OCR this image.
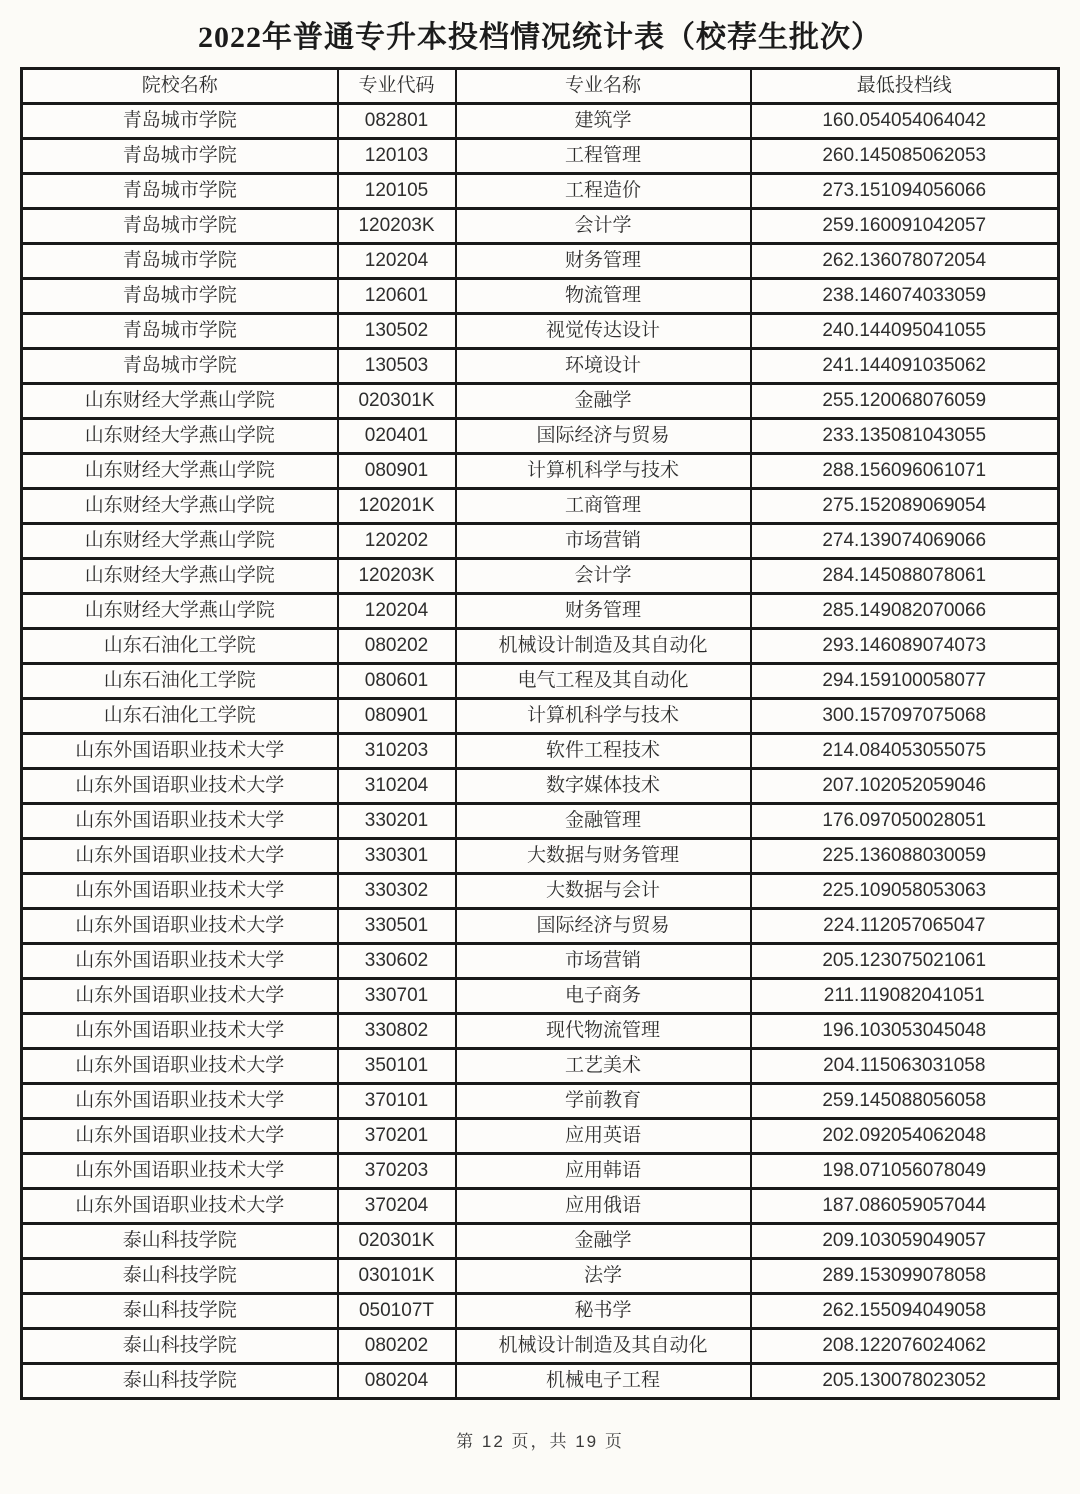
2022年普通专升本投档情况统计表（校荐生批次）
院校名称	专业代码	专业名称	最低投档线
青岛城市学院	082801	建筑学	160.054054064042
青岛城市学院	120103	工程管理	260.145085062053
青岛城市学院	120105	工程造价	273.151094056066
青岛城市学院	120203K	会计学	259.160091042057
青岛城市学院	120204	财务管理	262.136078072054
青岛城市学院	120601	物流管理	238.146074033059
青岛城市学院	130502	视觉传达设计	240.144095041055
青岛城市学院	130503	环境设计	241.144091035062
山东财经大学燕山学院	020301K	金融学	255.120068076059
山东财经大学燕山学院	020401	国际经济与贸易	233.135081043055
山东财经大学燕山学院	080901	计算机科学与技术	288.156096061071
山东财经大学燕山学院	120201K	工商管理	275.152089069054
山东财经大学燕山学院	120202	市场营销	274.139074069066
山东财经大学燕山学院	120203K	会计学	284.145088078061
山东财经大学燕山学院	120204	财务管理	285.149082070066
山东石油化工学院	080202	机械设计制造及其自动化	293.146089074073
山东石油化工学院	080601	电气工程及其自动化	294.159100058077
山东石油化工学院	080901	计算机科学与技术	300.157097075068
山东外国语职业技术大学	310203	软件工程技术	214.084053055075
山东外国语职业技术大学	310204	数字媒体技术	207.102052059046
山东外国语职业技术大学	330201	金融管理	176.097050028051
山东外国语职业技术大学	330301	大数据与财务管理	225.136088030059
山东外国语职业技术大学	330302	大数据与会计	225.109058053063
山东外国语职业技术大学	330501	国际经济与贸易	224.112057065047
山东外国语职业技术大学	330602	市场营销	205.123075021061
山东外国语职业技术大学	330701	电子商务	211.119082041051
山东外国语职业技术大学	330802	现代物流管理	196.103053045048
山东外国语职业技术大学	350101	工艺美术	204.115063031058
山东外国语职业技术大学	370101	学前教育	259.145088056058
山东外国语职业技术大学	370201	应用英语	202.092054062048
山东外国语职业技术大学	370203	应用韩语	198.071056078049
山东外国语职业技术大学	370204	应用俄语	187.086059057044
泰山科技学院	020301K	金融学	209.103059049057
泰山科技学院	030101K	法学	289.153099078058
泰山科技学院	050107T	秘书学	262.155094049058
泰山科技学院	080202	机械设计制造及其自动化	208.122076024062
泰山科技学院	080204	机械电子工程	205.130078023052
第 12 页，共 19 页
